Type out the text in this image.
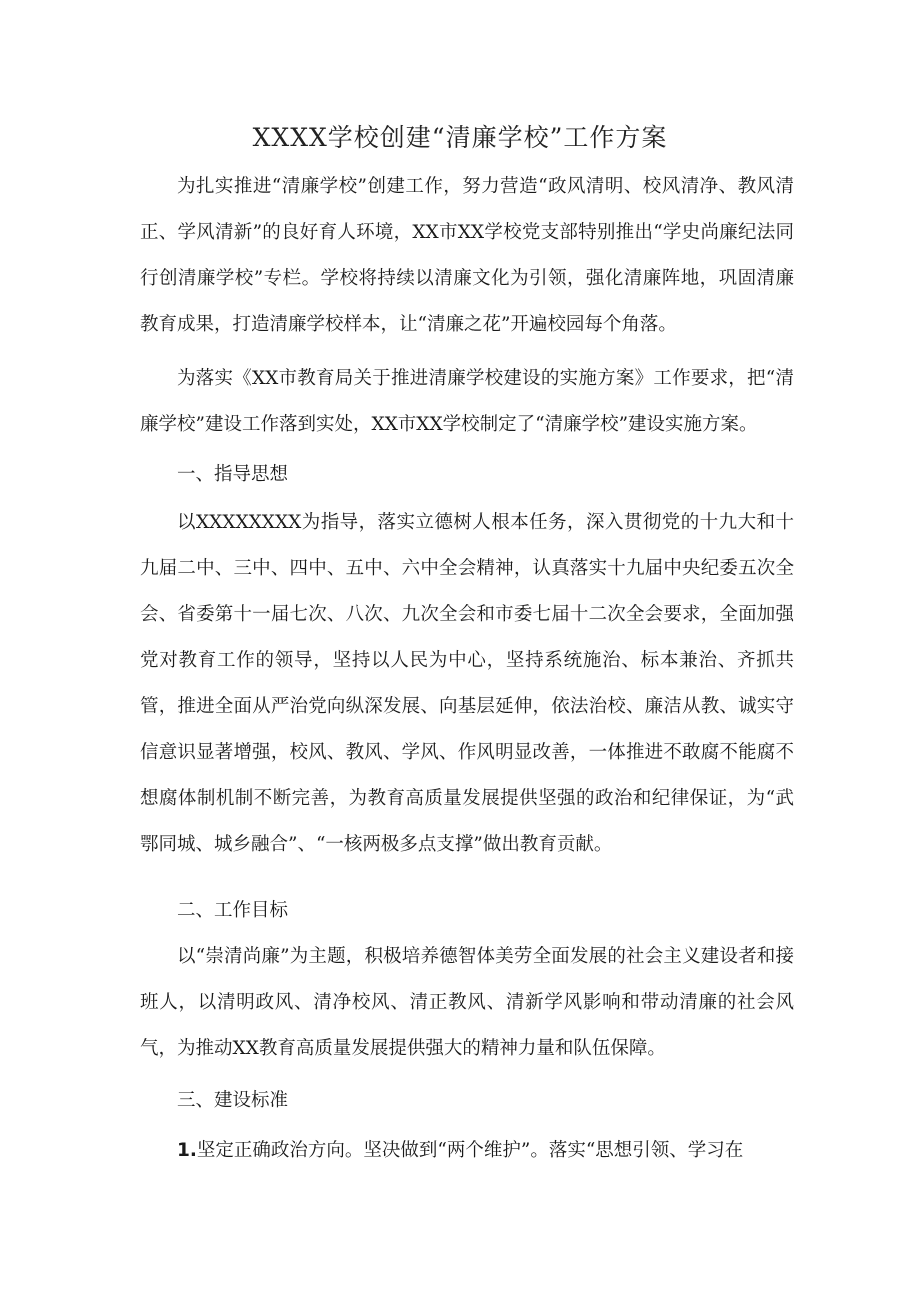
XXXX学校创建“清廉学校”工作方案

为扎实推进“清廉学校”创建工作，努力营造“政风清明、校风清净、教风清正、学风清新”的良好育人环境，XX市XX学校党支部特别推出“学史尚廉纪法同行创清廉学校”专栏。学校将持续以清廉文化为引领，强化清廉阵地，巩固清廉教育成果，打造清廉学校样本，让“清廉之花”开遍校园每个角落。

为落实《XX市教育局关于推进清廉学校建设的实施方案》工作要求，把“清廉学校”建设工作落到实处，XX市XX学校制定了“清廉学校”建设实施方案。

一、指导思想

以XXXXXXXX为指导，落实立德树人根本任务，深入贯彻党的十九大和十九届二中、三中、四中、五中、六中全会精神，认真落实十九届中央纪委五次全会、省委第十一届七次、八次、九次全会和市委七届十二次全会要求，全面加强党对教育工作的领导，坚持以人民为中心，坚持系统施治、标本兼治、齐抓共管，推进全面从严治党向纵深发展、向基层延伸，依法治校、廉洁从教、诚实守信意识显著增强，校风、教风、学风、作风明显改善，一体推进不敢腐不能腐不想腐体制机制不断完善，为教育高质量发展提供坚强的政治和纪律保证，为“武鄂同城、城乡融合”、“一核两极多点支撑”做出教育贡献。

二、工作目标

以“崇清尚廉”为主题，积极培养德智体美劳全面发展的社会主义建设者和接班人，以清明政风、清净校风、清正教风、清新学风影响和带动清廉的社会风气，为推动XX教育高质量发展提供强大的精神力量和队伍保障。

三、建设标准

1.坚定正确政治方向。坚决做到“两个维护”。落实“思想引领、学习在
